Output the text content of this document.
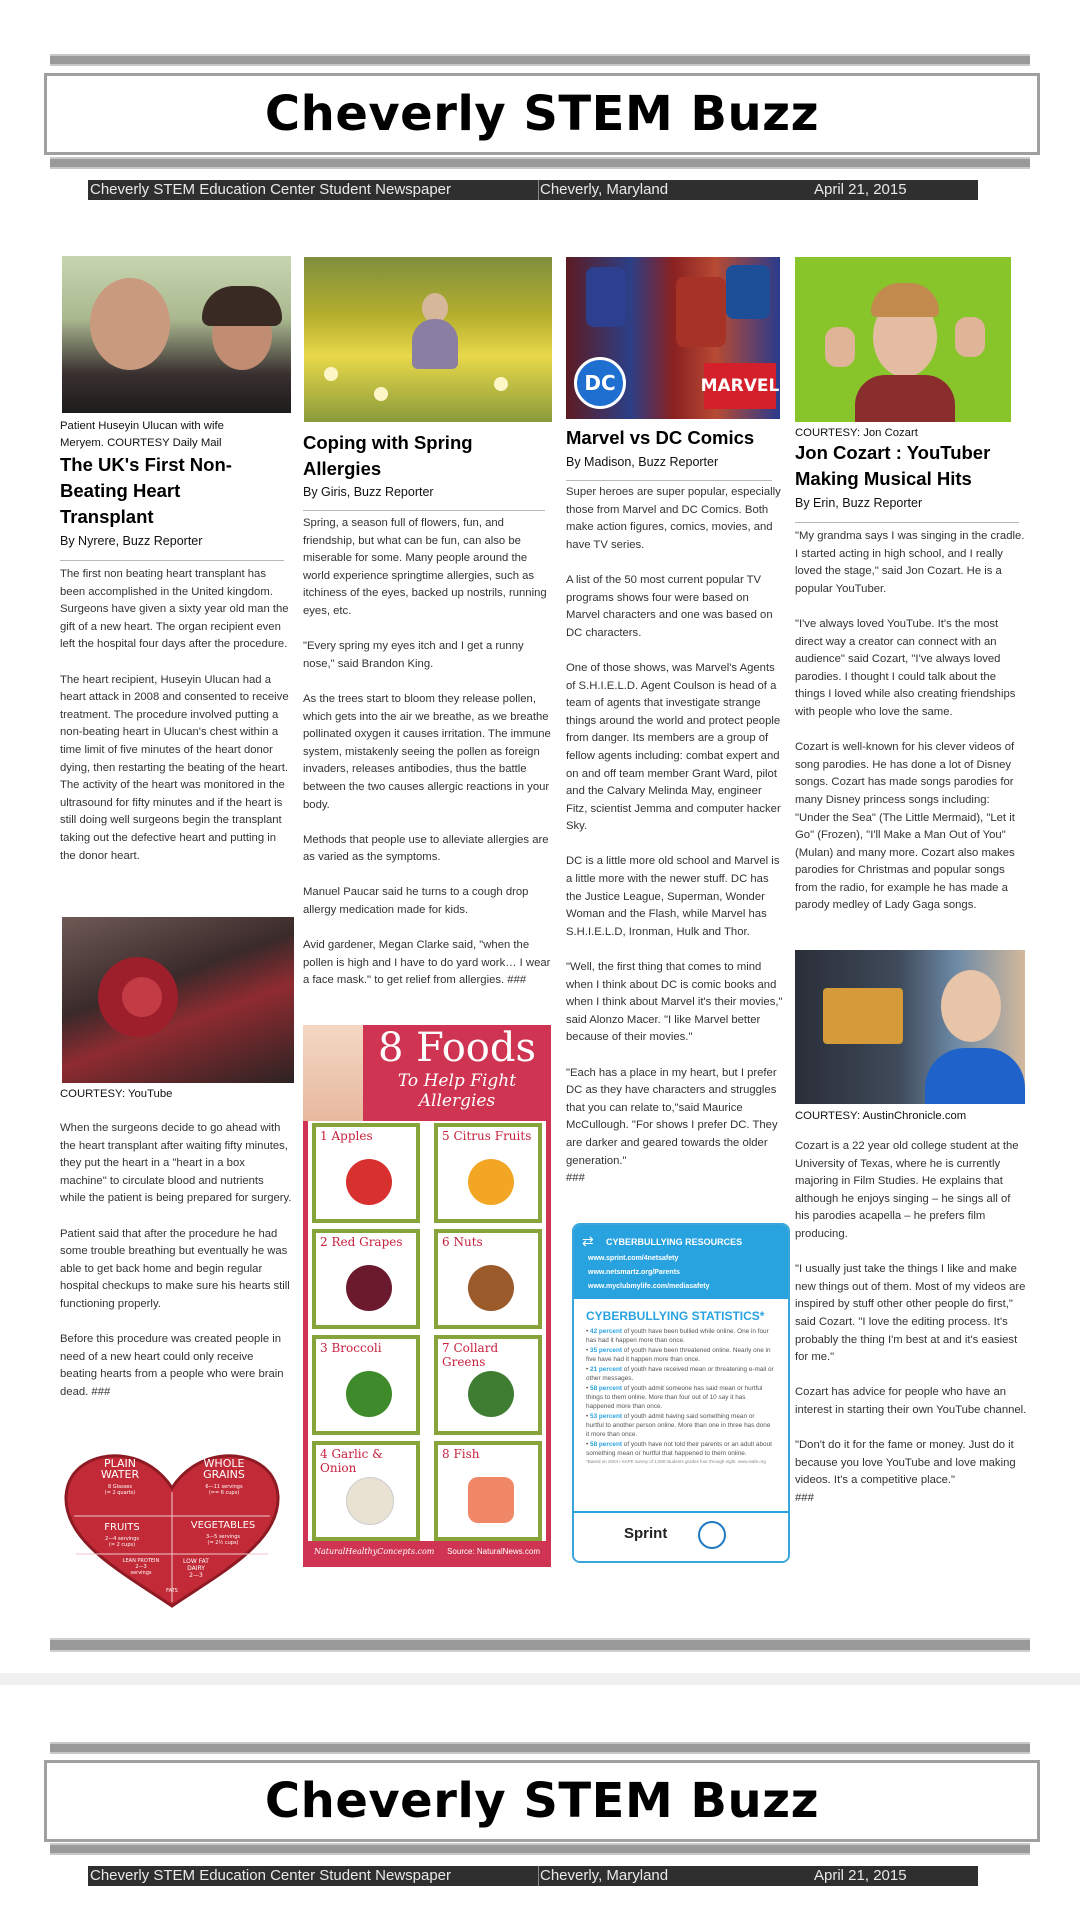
Cheverly STEM Buzz
Cheverly STEM Education Center Student Newspaper	Cheverly, Maryland	April 21, 2015
Patient Huseyin Ulucan with wife Meryem. COURTESY Daily Mail
The UK's First Non-Beating Heart Transplant
By Nyrere, Buzz Reporter

The first non beating heart transplant has been accomplished in the United kingdom.
Surgeons have given a sixty year old man the gift of a new heart. The organ recipient even left the hospital four days after the procedure.

The heart recipient, Huseyin Ulucan had a heart attack in 2008 and consented to receive treatment. The procedure involved putting a non-beating heart in Ulucan's chest within a time limit of five minutes of the heart donor dying, then restarting the beating of the heart. The activity of the heart was monitored in the ultrasound for fifty minutes and if the heart is still doing well surgeons begin the transplant taking out the defective heart and putting in the donor heart.

COURTESY: YouTube

When the surgeons decide to go ahead with the heart transplant after waiting fifty minutes, they put the heart in a "heart in a box machine" to circulate blood and nutrients while the patient is being prepared for surgery.

Patient said that after the procedure he had some trouble breathing but eventually he was able to get back home and begin regular hospital checkups to make sure his hearts still functioning properly.

Before this procedure was created people in need of a new heart could only receive beating hearts from a people who were brain dead. ###

PLAIN
WATER
8 Glasses
(= 2 quarts)
WHOLE
GRAINS
6—11 servings
(== 6 cups)
FRUITS
2—4 servings
(= 2 cups)
VEGETABLES
3—5 servings
(= 2½ cups)
LEAN PROTEIN
2—3
servings
LOW FAT
DAIRY
2—3
FATS
Coping with Spring Allergies
By Giris, Buzz Reporter

Spring, a season full of flowers, fun, and friendship, but what can be fun, can also be miserable for some. Many people around the world experience springtime allergies, such as itchiness of the eyes, backed up nostrils, running eyes, etc.

"Every spring my eyes itch and I get a runny nose," said Brandon King.

As the trees start to bloom they release pollen, which gets into the air we breathe, as we breathe pollinated oxygen it causes irritation. The immune system, mistakenly seeing the pollen as foreign invaders, releases antibodies, thus the battle between the two causes allergic reactions in your body.

Methods that people use to alleviate allergies are as varied as the symptoms.

Manuel Paucar said he turns to a cough drop allergy medication made for kids.

Avid gardener, Megan Clarke said, "when the pollen is high and I have to do yard work… I wear a face mask." to get relief from allergies. ###

8 Foods
To Help Fight Allergies
1 Apples	5 Citrus Fruits
2 Red Grapes	6 Nuts
3 Broccoli	7 Collard Greens
4 Garlic & Onion
8 Fish
NaturalHealthyConcepts.com Source: NaturalNews.com
DC	MARVEL
Marvel vs DC Comics
By Madison, Buzz Reporter

Super heroes are super popular, especially those from Marvel and DC Comics. Both make action figures, comics, movies, and have TV series.

A list of the 50 most current popular TV programs shows four were based on Marvel characters and one was based on DC characters.

One of those shows, was Marvel's Agents of S.H.I.E.L.D. Agent Coulson is head of a team of agents that investigate strange things around the world and protect people from danger. Its members are a group of fellow agents including: combat expert and on and off team member Grant Ward, pilot and the Calvary Melinda May, engineer Fitz, scientist Jemma and computer hacker Sky.

DC is a little more old school and Marvel is a little more with the newer stuff. DC has the Justice League, Superman, Wonder Woman and the Flash, while Marvel has S.H.I.E.L.D, Ironman, Hulk and Thor.

"Well, the first thing that comes to mind when I think about DC is comic books and when I think about Marvel it's their movies," said Alonzo Macer. "I like Marvel better because of their movies."

"Each has a place in my heart, but I prefer DC as they have characters and struggles that you can relate to,"said Maurice McCullough. "For shows I prefer DC. They are darker and geared towards the older generation."
###

⇄ CYBERBULLYING RESOURCES
www.sprint.com/4netsafety
www.netsmartz.org/Parents
www.myclubmylife.com/mediasafety
CYBERBULLYING STATISTICS*
• 42 percent of youth have been bullied while online. One in four has had it happen more than once.
• 35 percent of youth have been threatened online. Nearly one in five have had it happen more than once.
• 21 percent of youth have received mean or threatening e-mail or other messages.
• 58 percent of youth admit someone has said mean or hurtful things to them online. More than four out of 10 say it has happened more than once.
• 53 percent of youth admit having said something mean or hurtful to another person online. More than one in three has done it more than once.
• 58 percent of youth have not told their parents or an adult about something mean or hurtful that happened to them online.
*Based on 2004 i-SAFE survey of 1,500 students grades four through eight. www.isafe.org
Sprint
COURTESY: Jon Cozart
Jon Cozart : YouTuber Making Musical Hits
By Erin, Buzz Reporter

"My grandma says I was singing in the cradle. I started acting in high school, and I really loved the stage," said Jon Cozart. He is a popular YouTuber.

"I've always loved YouTube. It's the most direct way a creator can connect with an audience" said Cozart, "I've always loved parodies. I thought I could talk about the things I loved while also creating friendships with people who love the same.

Cozart is well-known for his clever videos of song parodies. He has done a lot of Disney songs. Cozart has made songs parodies for many Disney princess songs including: "Under the Sea" (The Little Mermaid), "Let it Go" (Frozen), "I'll Make a Man Out of You" (Mulan) and many more. Cozart also makes parodies for Christmas and popular songs from the radio, for example he has made a parody medley of Lady Gaga songs.

COURTESY: AustinChronicle.com

Cozart is a 22 year old college student at the University of Texas, where he is currently majoring in Film Studies. He explains that although he enjoys singing – he sings all of his parodies acapella – he prefers film producing.

"I usually just take the things I like and make new things out of them. Most of my videos are inspired by stuff other other people do first," said Cozart. "I love the editing process. It's probably the thing I'm best at and it's easiest for me."

Cozart has advice for people who have an interest in starting their own YouTube channel.

"Don't do it for the fame or money. Just do it because you love YouTube and love making videos. It's a competitive place."
###

Cheverly STEM Buzz
Cheverly STEM Education Center Student Newspaper	Cheverly, Maryland	April 21, 2015
